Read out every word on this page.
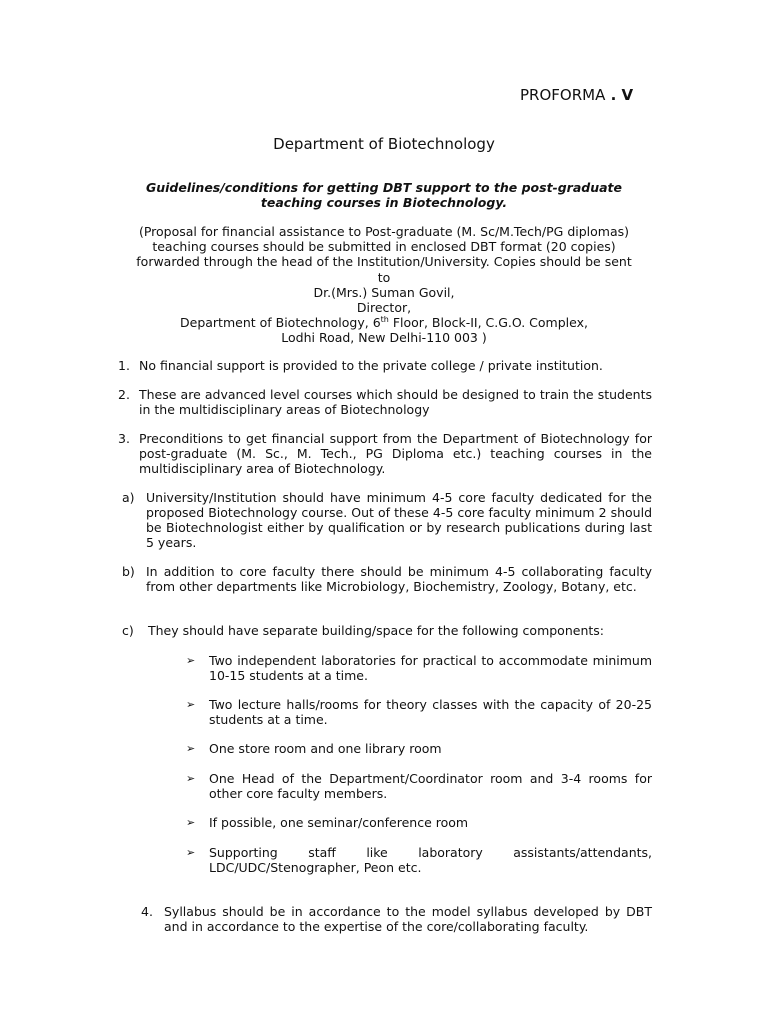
PROFORMA . V
Department of Biotechnology
Guidelines/conditions for getting DBT support to the post-graduate
teaching courses in Biotechnology.
(Proposal for financial assistance to Post-graduate (M. Sc/M.Tech/PG diplomas)
teaching courses should be submitted in enclosed DBT format (20 copies)
forwarded through the head of the Institution/University. Copies should be sent
to
Dr.(Mrs.) Suman Govil,
Director,
Department of Biotechnology, 6th Floor, Block-II, C.G.O. Complex,
Lodhi Road, New Delhi-110 003 )
1. No financial support is provided to the private college / private institution.
2. These are advanced level courses which should be designed to train the students in the multidisciplinary areas of Biotechnology
3. Preconditions to get financial support from the Department of Biotechnology for post-graduate (M. Sc., M. Tech., PG Diploma etc.) teaching courses in the multidisciplinary area of Biotechnology.
a) University/Institution should have minimum 4-5 core faculty dedicated for the proposed Biotechnology course. Out of these 4-5 core faculty minimum 2 should be Biotechnologist either by qualification or by research publications during last 5 years.
b) In addition to core faculty there should be minimum 4-5 collaborating faculty from other departments like Microbiology, Biochemistry, Zoology, Botany, etc.
c) They should have separate building/space for the following components:
➢ Two independent laboratories for practical to accommodate minimum 10-15 students at a time.
➢ Two lecture halls/rooms for theory classes with the capacity of 20-25 students at a time.
➢ One store room and one library room
➢ One Head of the Department/Coordinator room and 3-4 rooms for other core faculty members.
➢ If possible, one seminar/conference room
➢ Supporting staff like laboratory assistants/attendants, LDC/UDC/Stenographer, Peon etc.
4. Syllabus should be in accordance to the model syllabus developed by DBT and in accordance to the expertise of the core/collaborating faculty.
